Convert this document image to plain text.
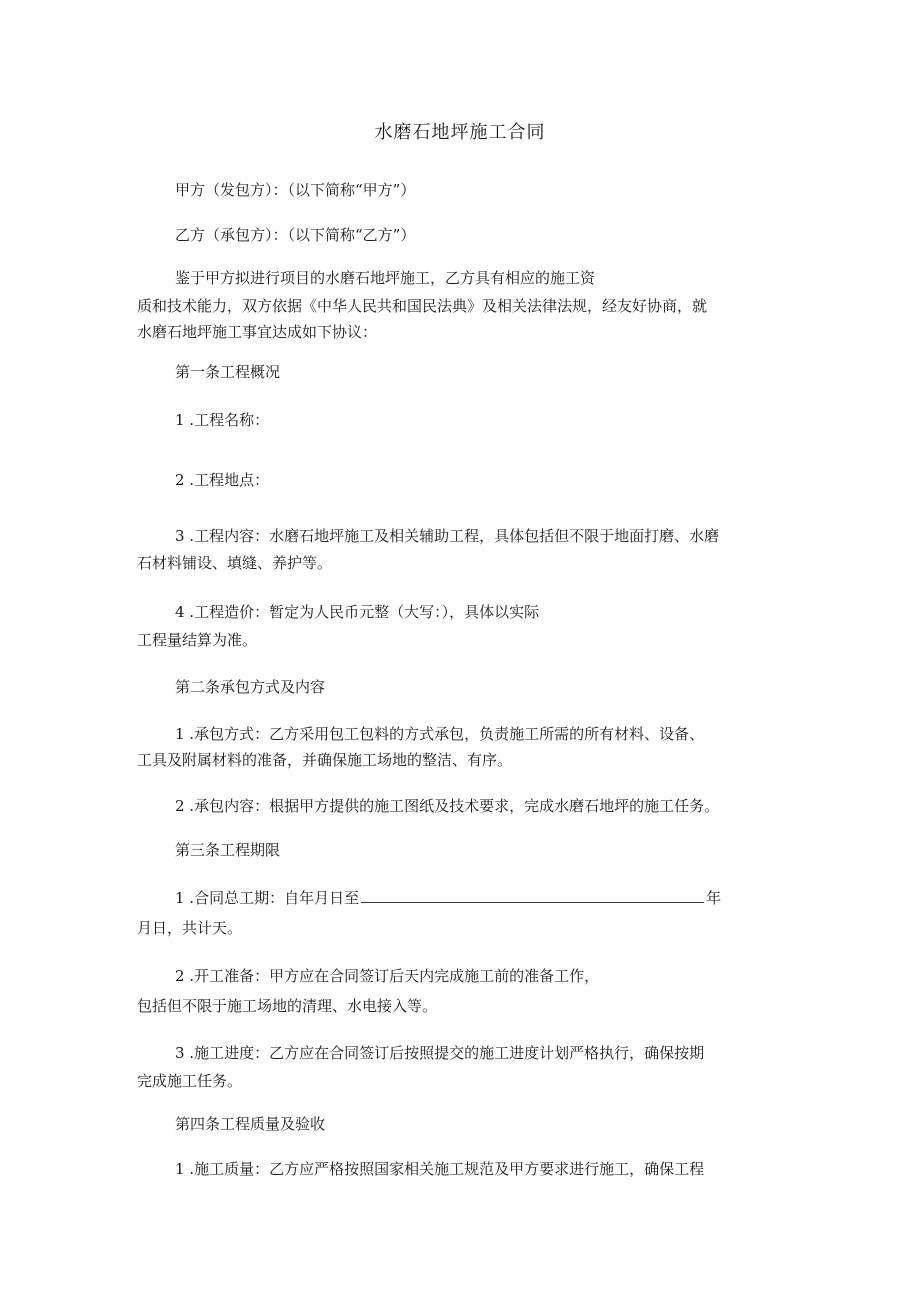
水磨石地坪施工合同
甲方（发包方）：（以下简称“甲方”）
乙方（承包方）：（以下简称“乙方”）
鉴于甲方拟进行项目的水磨石地坪施工，乙方具有相应的施工资
质和技术能力，双方依据《中华人民共和国民法典》及相关法律法规，经友好协商，就
水磨石地坪施工事宜达成如下协议：
第一条工程概况
1 .工程名称：
2 .工程地点：
3 .工程内容：水磨石地坪施工及相关辅助工程，具体包括但不限于地面打磨、水磨
石材料铺设、填缝、养护等。
4 .工程造价：暂定为人民币元整（大写：），具体以实际
工程量结算为准。
第二条承包方式及内容
1 .承包方式：乙方采用包工包料的方式承包，负责施工所需的所有材料、设备、
工具及附属材料的准备，并确保施工场地的整洁、有序。
2 .承包内容：根据甲方提供的施工图纸及技术要求，完成水磨石地坪的施工任务。
第三条工程期限
1 .合同总工期：自年月日至	年
月日，共计天。
2 .开工准备：甲方应在合同签订后天内完成施工前的准备工作，
包括但不限于施工场地的清理、水电接入等。
3 .施工进度：乙方应在合同签订后按照提交的施工进度计划严格执行，确保按期
完成施工任务。
第四条工程质量及验收
1 .施工质量：乙方应严格按照国家相关施工规范及甲方要求进行施工，确保工程
